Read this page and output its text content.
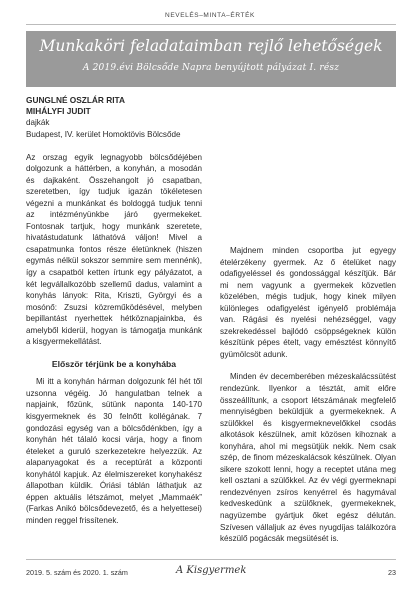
NEVELÉS–MINTA–ÉRTÉK
Munkaköri feladataimban rejlő lehetőségek
A 2019.évi Bölcsőde Napra benyújtott pályázat I. rész
GUNGLNÉ OSZLÁR RITA
MIHÁLYFI JUDIT
dajkák
Budapest, IV. kerület Homoktövis Bölcsőde

Az orszag egyik legnagyobb bölcsődéjében dolgozunk a háttérben, a konyhán, a mosodán és dajkaként. Összehangolt jó csapatban, szeretetben, így tudjuk igazán tökéletesen végezni a munkánkat és boldoggá tudjuk tenni az intézményünkbe járó gyermekeket. Fontosnak tartjuk, hogy munkánk szeretete, hivatástudatunk láthatóvá váljon! Mivel a csapatmunka fontos része életünknek (hiszen egymás nélkül sokszor semmire sem mennénk), így a csapatból ketten írtunk egy pályázatot, a két legvállalkozóbb szellemű dadus, valamint a konyhás lányok: Rita, Kriszti, Györgyi és a mosónő: Zsuzsi közreműködésével, melyben bepillantást nyerhettek hétköznapjainkba, és amelyből kiderül, hogyan is támogatja munkánk a kisgyermekellátást.

Először térjünk be a konyhába

Mi itt a konyhán hárman dolgozunk fél hét től uzsonna végéig. Jó hangulatban telnek a napjaink, főzünk, sütünk naponta 140-170 kisgyermeknek és 30 felnőtt kollégának. 7 gondozási egység van a bölcsődénkben, így a konyhán hét tálaló kocsi várja, hogy a finom ételeket a guruló szerkezetekre helyezzük. Az alapanyagokat és a receptúrát a központi konyhától kapjuk. Az élelmiszereket konyhakész állapotban küldik. Óriási táblán láthatjuk az éppen aktuális létszámot, melyet „Mammaék” (Farkas Anikó bölcsődevezető, és a helyettesei) minden reggel frissítenek.

Majdnem minden csoportba jut egyegy ételérzékeny gyermek. Az ő ételüket nagy odafigyeléssel és gondossággal készítjük. Bár mi nem vagyunk a gyermekek közvetlen közelében, mégis tudjuk, hogy kinek milyen különleges odafigyelést igényelő problémája van. Rágási és nyelési nehézséggel, vagy szekrekedéssel bajlódó csöppségeknek külön készítünk pépes ételt, vagy emésztést könnyítő gyümölcsöt adunk.

Minden év decemberében mézeskalácssütést rendezünk. Ilyenkor a tésztát, amit előre összeállítunk, a csoport létszámának megfelelő mennyiségben beküldjük a gyermekeknek. A szülőkkel és kisgyermeknevelőkkel csodás alkotások készülnek, amit közösen kihoznak a konyhára, ahol mi megsütjük nekik. Nem csak szép, de finom mézeskalácsok készülnek. Olyan sikere szokott lenni, hogy a receptet utána meg kell osztani a szülőkkel. Az év végi gyermeknapi rendezvényen zsíros kenyérrel és hagymával kedveskedünk a szülőknek, gyermekeknek, nagyüzembe gyártjuk őket egész délután. Szívesen vállaljuk az éves nyugdíjas találkozóra készülő pogácsák megsütését is.

2019. 5. szám és 2020. 1. szám	A Kisgyermek	23
